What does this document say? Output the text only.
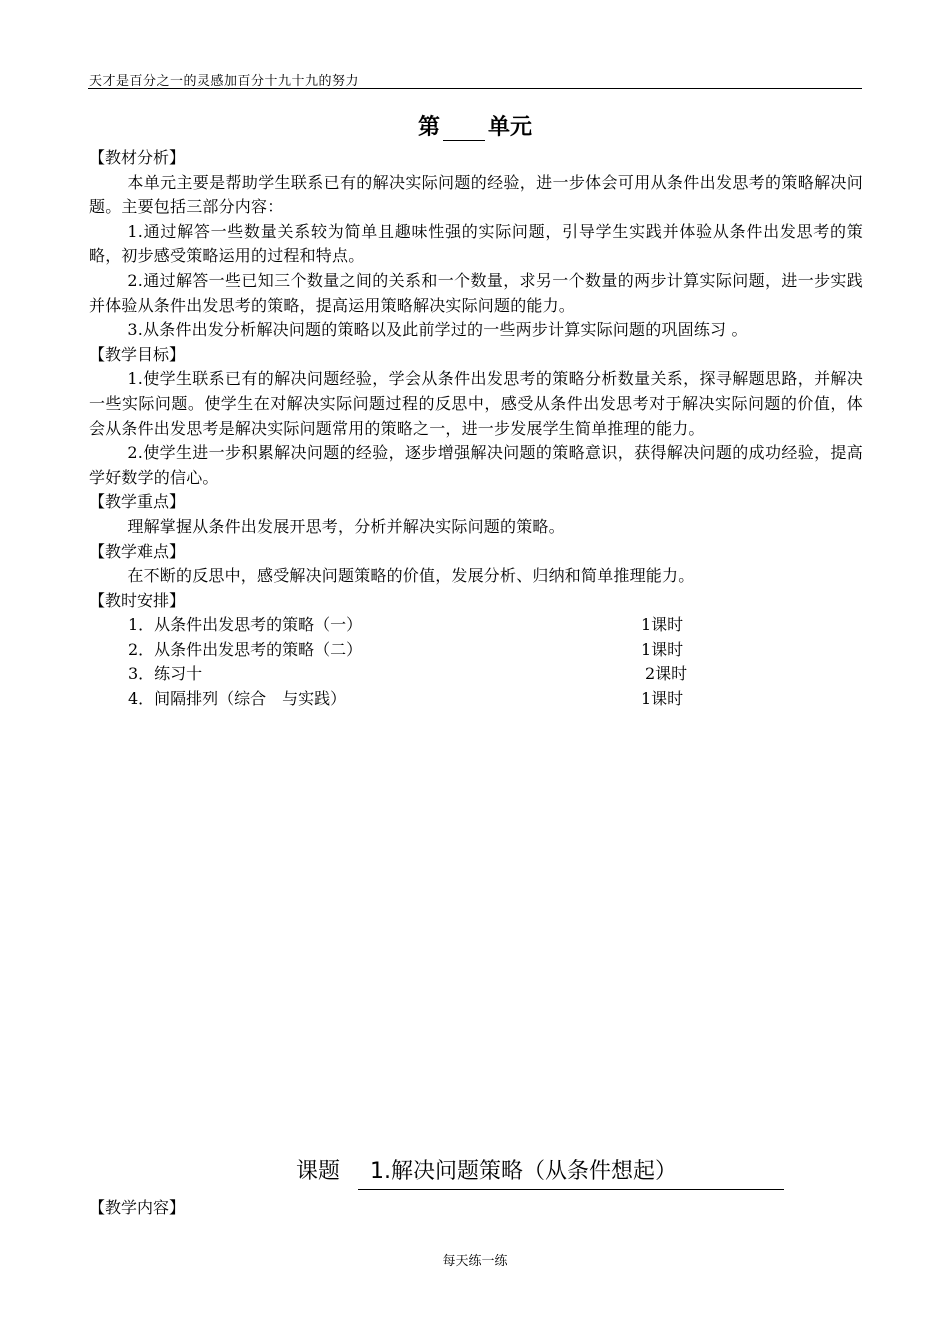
天才是百分之一的灵感加百分十九十九的努力
第 单元
【教材分析】

本单元主要是帮助学生联系已有的解决实际问题的经验，进一步体会可用从条件出发思考的策略解决问题。主要包括三部分内容：

1.通过解答一些数量关系较为简单且趣味性强的实际问题，引导学生实践并体验从条件出发思考的策略，初步感受策略运用的过程和特点。

2.通过解答一些已知三个数量之间的关系和一个数量，求另一个数量的两步计算实际问题，进一步实践并体验从条件出发思考的策略，提高运用策略解决实际问题的能力。

3.从条件出发分析解决问题的策略以及此前学过的一些两步计算实际问题的巩固练习 。

【教学目标】

1.使学生联系已有的解决问题经验，学会从条件出发思考的策略分析数量关系，探寻解题思路，并解决一些实际问题。使学生在对解决实际问题过程的反思中，感受从条件出发思考对于解决实际问题的价值，体会从条件出发思考是解决实际问题常用的策略之一，进一步发展学生简单推理的能力。

2.使学生进一步积累解决问题的经验，逐步增强解决问题的策略意识，获得解决问题的成功经验，提高学好数学的信心。

【教学重点】

理解掌握从条件出发展开思考，分析并解决实际问题的策略。

【教学难点】

在不断的反思中，感受解决问题策略的价值，发展分析、归纳和简单推理能力。

【教时安排】
1．从条件出发思考的策略（一）	1课时
2．从条件出发思考的策略（二）	1课时
3．练习十	2课时
4．间隔排列（综合　与实践）	1课时
课题 1.解决问题策略（从条件想起）
【教学内容】
每天练一练
